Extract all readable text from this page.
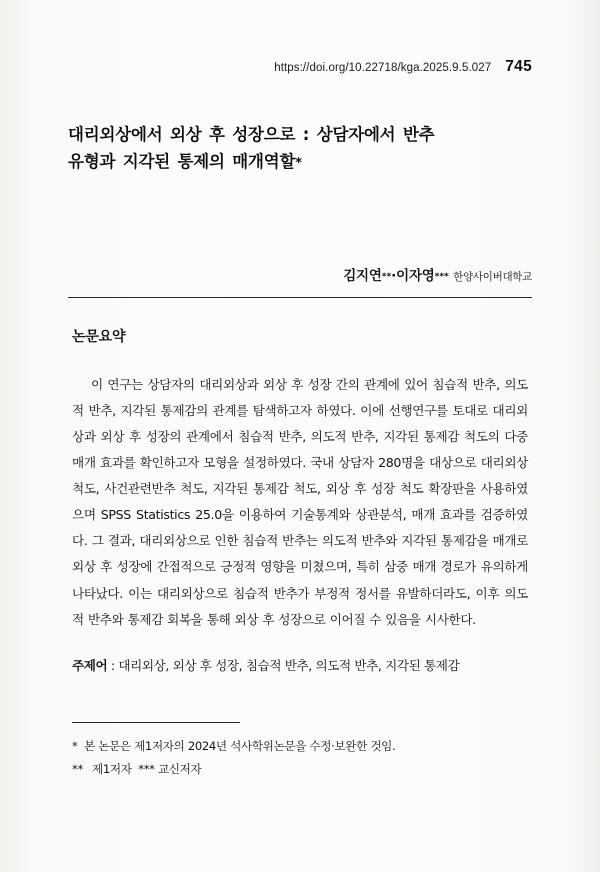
https://doi.org/10.22718/kga.2025.9.5.027 745
대리외상에서 외상 후 성장으로 : 상담자에서 반추
유형과 지각된 통제의 매개역할*
김지연**·이자영*** 한양사이버대학교
논문요약
이 연구는 상담자의 대리외상과 외상 후 성장 간의 관계에 있어 침습적 반추, 의도적 반추, 지각된 통제감의 관계를 탐색하고자 하였다. 이에 선행연구를 토대로 대리외상과 외상 후 성장의 관계에서 침습적 반추, 의도적 반추, 지각된 통제감 척도의 다중매개 효과를 확인하고자 모형을 설정하였다. 국내 상담자 280명을 대상으로 대리외상척도, 사건관련반추 척도, 지각된 통제감 척도, 외상 후 성장 척도 확장판을 사용하였으며 SPSS Statistics 25.0을 이용하여 기술통계와 상관분석, 매개 효과를 검증하였다. 그 결과, 대리외상으로 인한 침습적 반추는 의도적 반추와 지각된 통제감을 매개로 외상 후 성장에 간접적으로 긍정적 영향을 미쳤으며, 특히 삼중 매개 경로가 유의하게 나타났다. 이는 대리외상으로 침습적 반추가 부정적 정서를 유발하더라도, 이후 의도적 반추와 통제감 회복을 통해 외상 후 성장으로 이어질 수 있음을 시사한다.
주제어 : 대리외상, 외상 후 성장, 침습적 반추, 의도적 반추, 지각된 통제감
* 본 논문은 제1저자의 2024년 석사학위논문을 수정·보완한 것임.
** 제1저자 *** 교신저자
